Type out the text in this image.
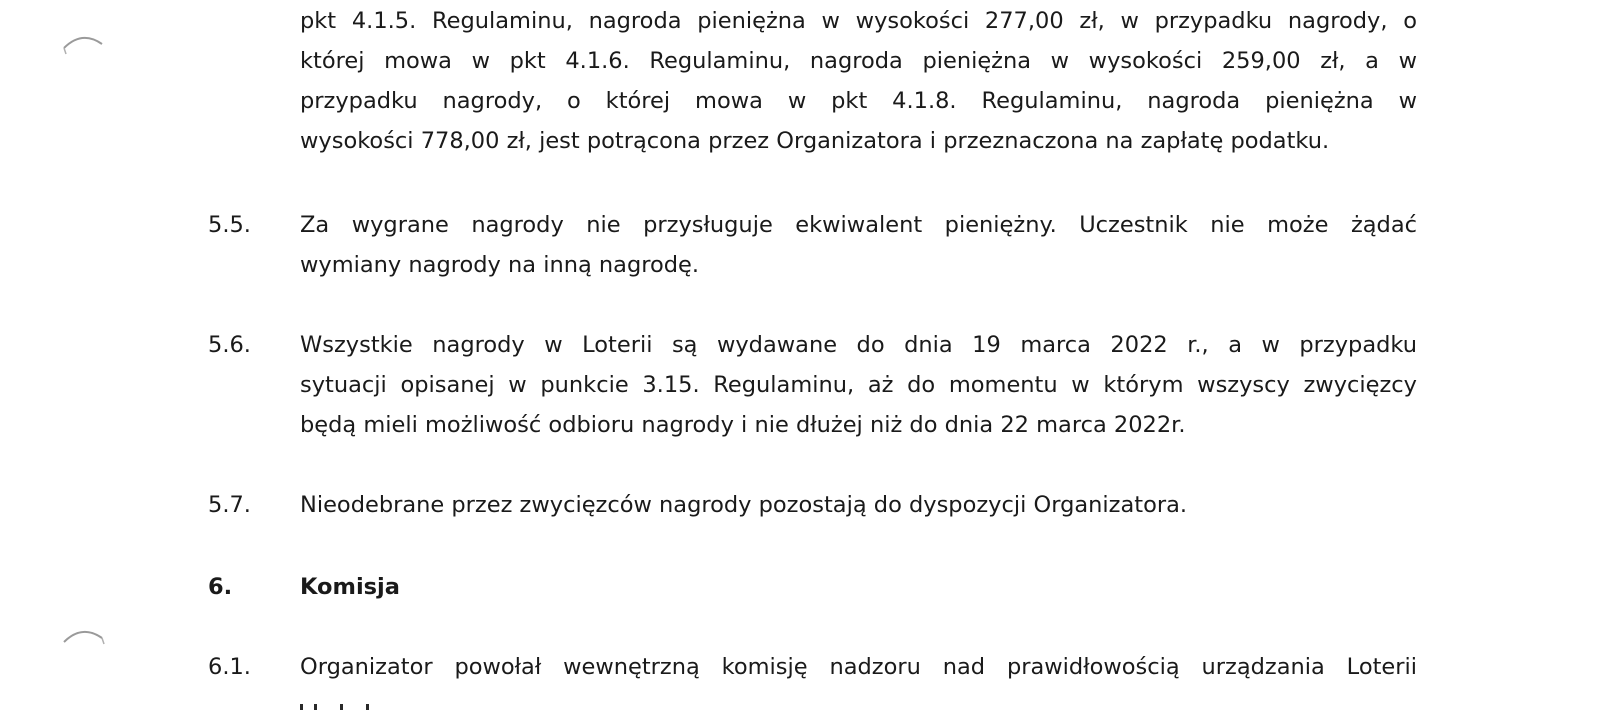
pkt 4.1.5. Regulaminu, nagroda pieniężna w wysokości 277,00 zł, w przypadku nagrody, o
której mowa w pkt 4.1.6. Regulaminu, nagroda pieniężna w wysokości 259,00 zł, a w
przypadku nagrody, o której mowa w pkt 4.1.8. Regulaminu, nagroda pieniężna w
wysokości 778,00 zł, jest potrącona przez Organizatora i przeznaczona na zapłatę podatku.
5.5. Za wygrane nagrody nie przysługuje ekwiwalent pieniężny. Uczestnik nie może żądać
wymiany nagrody na inną nagrodę.
5.6. Wszystkie nagrody w Loterii są wydawane do dnia 19 marca 2022 r., a w przypadku
sytuacji opisanej w punkcie 3.15. Regulaminu, aż do momentu w którym wszyscy zwycięzcy
będą mieli możliwość odbioru nagrody i nie dłużej niż do dnia 22 marca 2022r.
5.7. Nieodebrane przez zwycięzców nagrody pozostają do dyspozycji Organizatora.
6.	Komisja
6.1. Organizator powołał wewnętrzną komisję nadzoru nad prawidłowością urządzania Loterii
